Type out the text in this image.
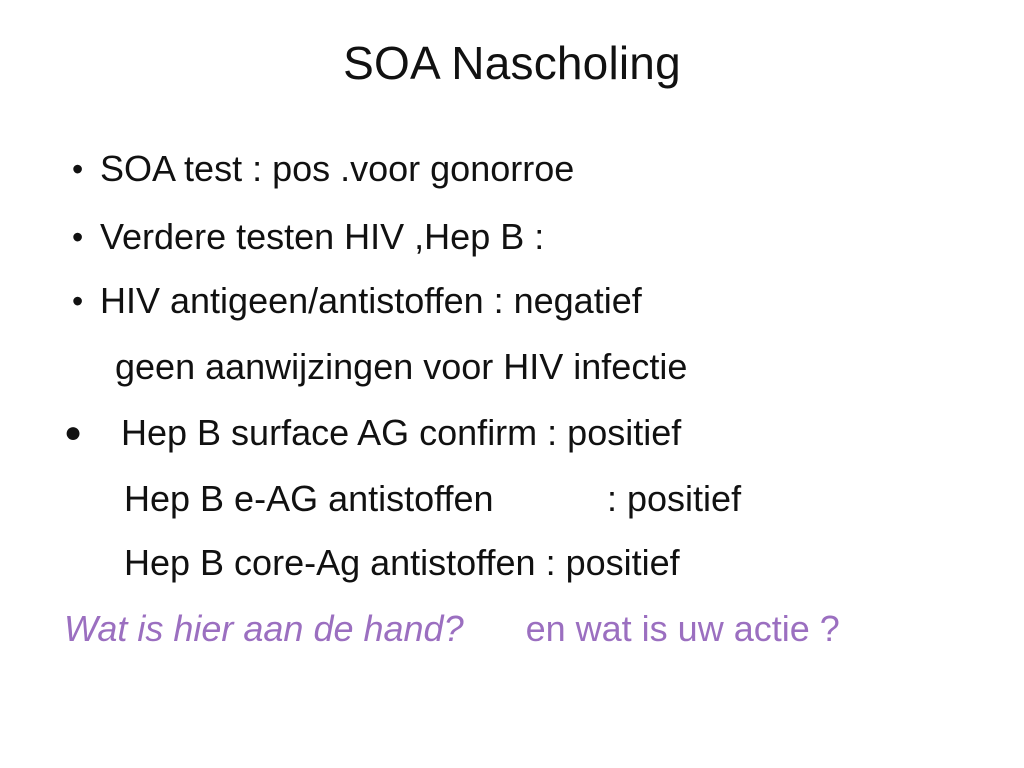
SOA Nascholing
• SOA test : pos .voor gonorroe
• Verdere testen HIV ,Hep B :
• HIV antigeen/antistoffen : negatief
geen aanwijzingen voor HIV infectie
● Hep B surface AG confirm : positief
Hep B e-AG antistoffen	: positief
Hep B core-Ag antistoffen : positief
Wat is hier aan de hand? en wat is uw actie ?
